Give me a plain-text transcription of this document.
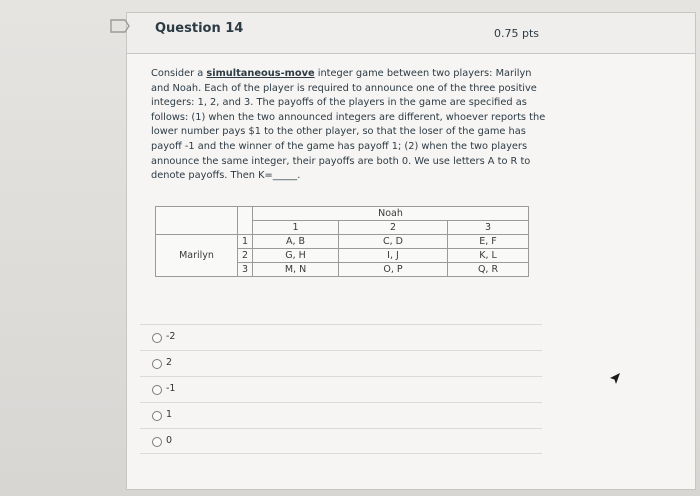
Question 14	0.75 pts
Consider a simultaneous-move integer game between two players: Marilyn and Noah. Each of the player is required to announce one of the three positive integers: 1, 2, and 3. The payoffs of the players in the game are specified as follows: (1) when the two announced integers are different, whoever reports the lower number pays $1 to the other player, so that the loser of the game has payoff -1 and the winner of the game has payoff 1; (2) when the two players announce the same integer, their payoffs are both 0. We use letters A to R to denote payoffs. Then K=_____.
		Noah		
		1	2	3
Marilyn	1	A, B	C, D	E, F
	2	G, H	I, J	K, L
	3	M, N	O, P	Q, R
-2
2
-1
1
0
